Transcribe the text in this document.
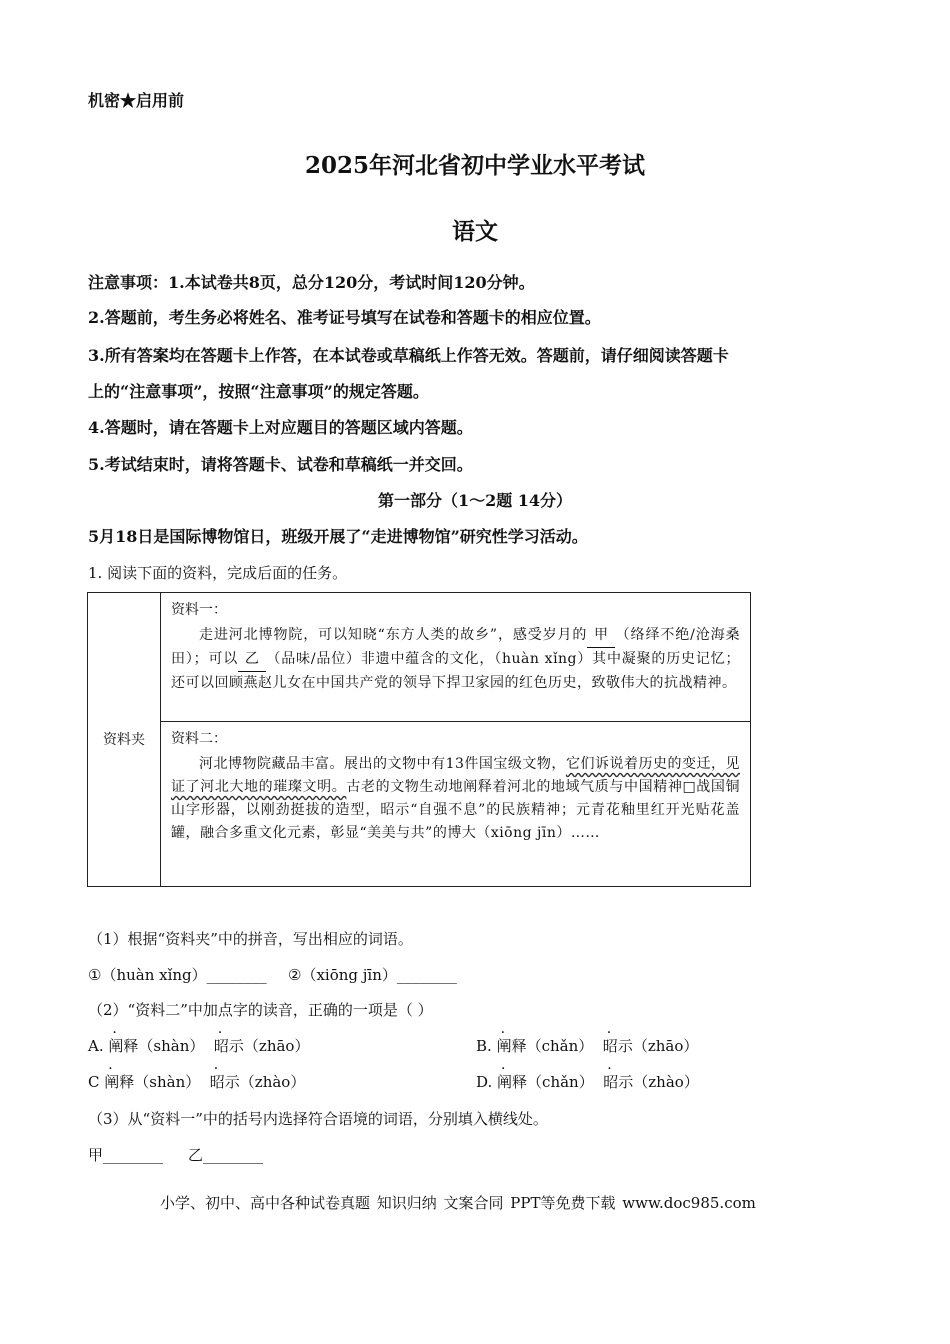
机密★启用前
2025年河北省初中学业水平考试
语文
注意事项：1.本试卷共8页，总分120分，考试时间120分钟。
2.答题前，考生务必将姓名、准考证号填写在试卷和答题卡的相应位置。
3.所有答案均在答题卡上作答，在本试卷或草稿纸上作答无效。答题前，请仔细阅读答题卡
上的“注意事项”，按照“注意事项”的规定答题。
4.答题时，请在答题卡上对应题目的答题区域内答题。
5.考试结束时，请将答题卡、试卷和草稿纸一并交回。
第一部分（1～2题 14分）
5月18日是国际博物馆日，班级开展了“走进博物馆”研究性学习活动。
1. 阅读下面的资料，完成后面的任务。
资料夹	
资料一：
走进河北博物院，可以知晓“东方人类的故乡”，感受岁月的 甲 （络绎不绝/沧海桑田）；可以 乙 （品味/品位）非遗中蕴含的文化，（huàn xǐng）其中凝聚的历史记忆；还可以回顾燕赵儿女在中国共产党的领导下捍卫家园的红色历史，致敬伟大的抗战精神。

资料二：
河北博物院藏品丰富。展出的文物中有13件国宝级文物，它们诉说着历史的变迁，见证了河北大地的璀璨文明。古老的文物生动地阐释着河北的地域气质与中国精神□战国铜山字形器，以刚劲挺拔的造型，昭示“自强不息”的民族精神；元青花釉里红开光贴花盖罐，融合多重文化元素，彰显“美美与共”的博大（xiōng jīn）……
（1）根据“资料夹”中的拼音，写出相应的词语。
①（huàn xǐng）________ ②（xiōng jīn）________
（2）“资料二”中加点字的读音，正确的一项是（ ）
A. 阐释（shàn） 昭示（zhāo）	B. 阐释（chǎn） 昭示（zhāo）
C 阐释（shàn） 昭示（zhào）	D. 阐释（chǎn） 昭示（zhào）
（3）从“资料一”中的括号内选择符合语境的词语，分别填入横线处。
甲________ 乙________
小学、初中、高中各种试卷真题 知识归纳 文案合同 PPT等免费下载 www.doc985.com
